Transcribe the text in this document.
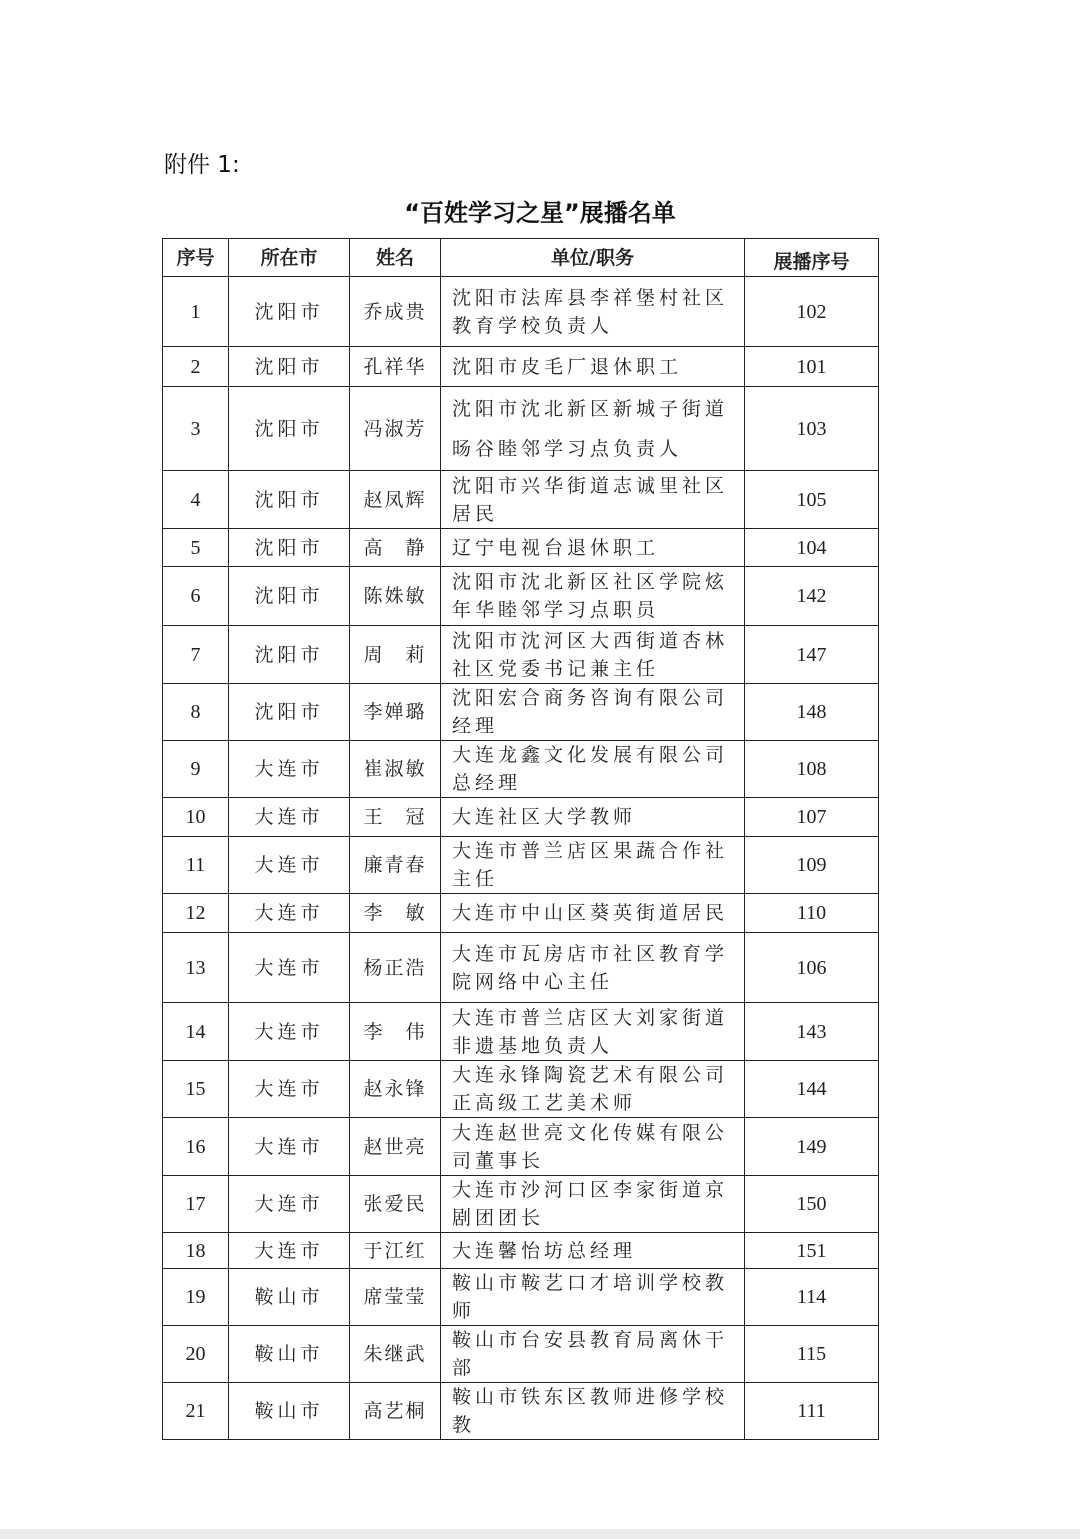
附件 1:
“百姓学习之星”展播名单
序号	所在市	姓名	单位/职务	展播序号
1	沈阳市	乔成贵	沈阳市法库县李祥堡村社区教育学校负责人	102
2	沈阳市	孔祥华	沈阳市皮毛厂退休职工	101
3	沈阳市	冯淑芳	沈阳市沈北新区新城子街道旸谷睦邻学习点负责人	103
4	沈阳市	赵凤辉	沈阳市兴华街道志诚里社区居民	105
5	沈阳市	高　静	辽宁电视台退休职工	104
6	沈阳市	陈姝敏	沈阳市沈北新区社区学院炫年华睦邻学习点职员	142
7	沈阳市	周　莉	沈阳市沈河区大西街道杏林社区党委书记兼主任	147
8	沈阳市	李婵璐	沈阳宏合商务咨询有限公司经理	148
9	大连市	崔淑敏	大连龙鑫文化发展有限公司总经理	108
10	大连市	王　冠	大连社区大学教师	107
11	大连市	廉青春	大连市普兰店区果蔬合作社主任	109
12	大连市	李　敏	大连市中山区葵英街道居民	110
13	大连市	杨正浩	大连市瓦房店市社区教育学院网络中心主任	106
14	大连市	李　伟	大连市普兰店区大刘家街道非遗基地负责人	143
15	大连市	赵永锋	大连永锋陶瓷艺术有限公司正高级工艺美术师	144
16	大连市	赵世亮	大连赵世亮文化传媒有限公司董事长	149
17	大连市	张爱民	大连市沙河口区李家街道京剧团团长	150
18	大连市	于江红	大连馨怡坊总经理	151
19	鞍山市	席莹莹	鞍山市鞍艺口才培训学校教师	114
20	鞍山市	朱继武	鞍山市台安县教育局离休干部	115
21	鞍山市	高艺桐	鞍山市铁东区教师进修学校教	111
